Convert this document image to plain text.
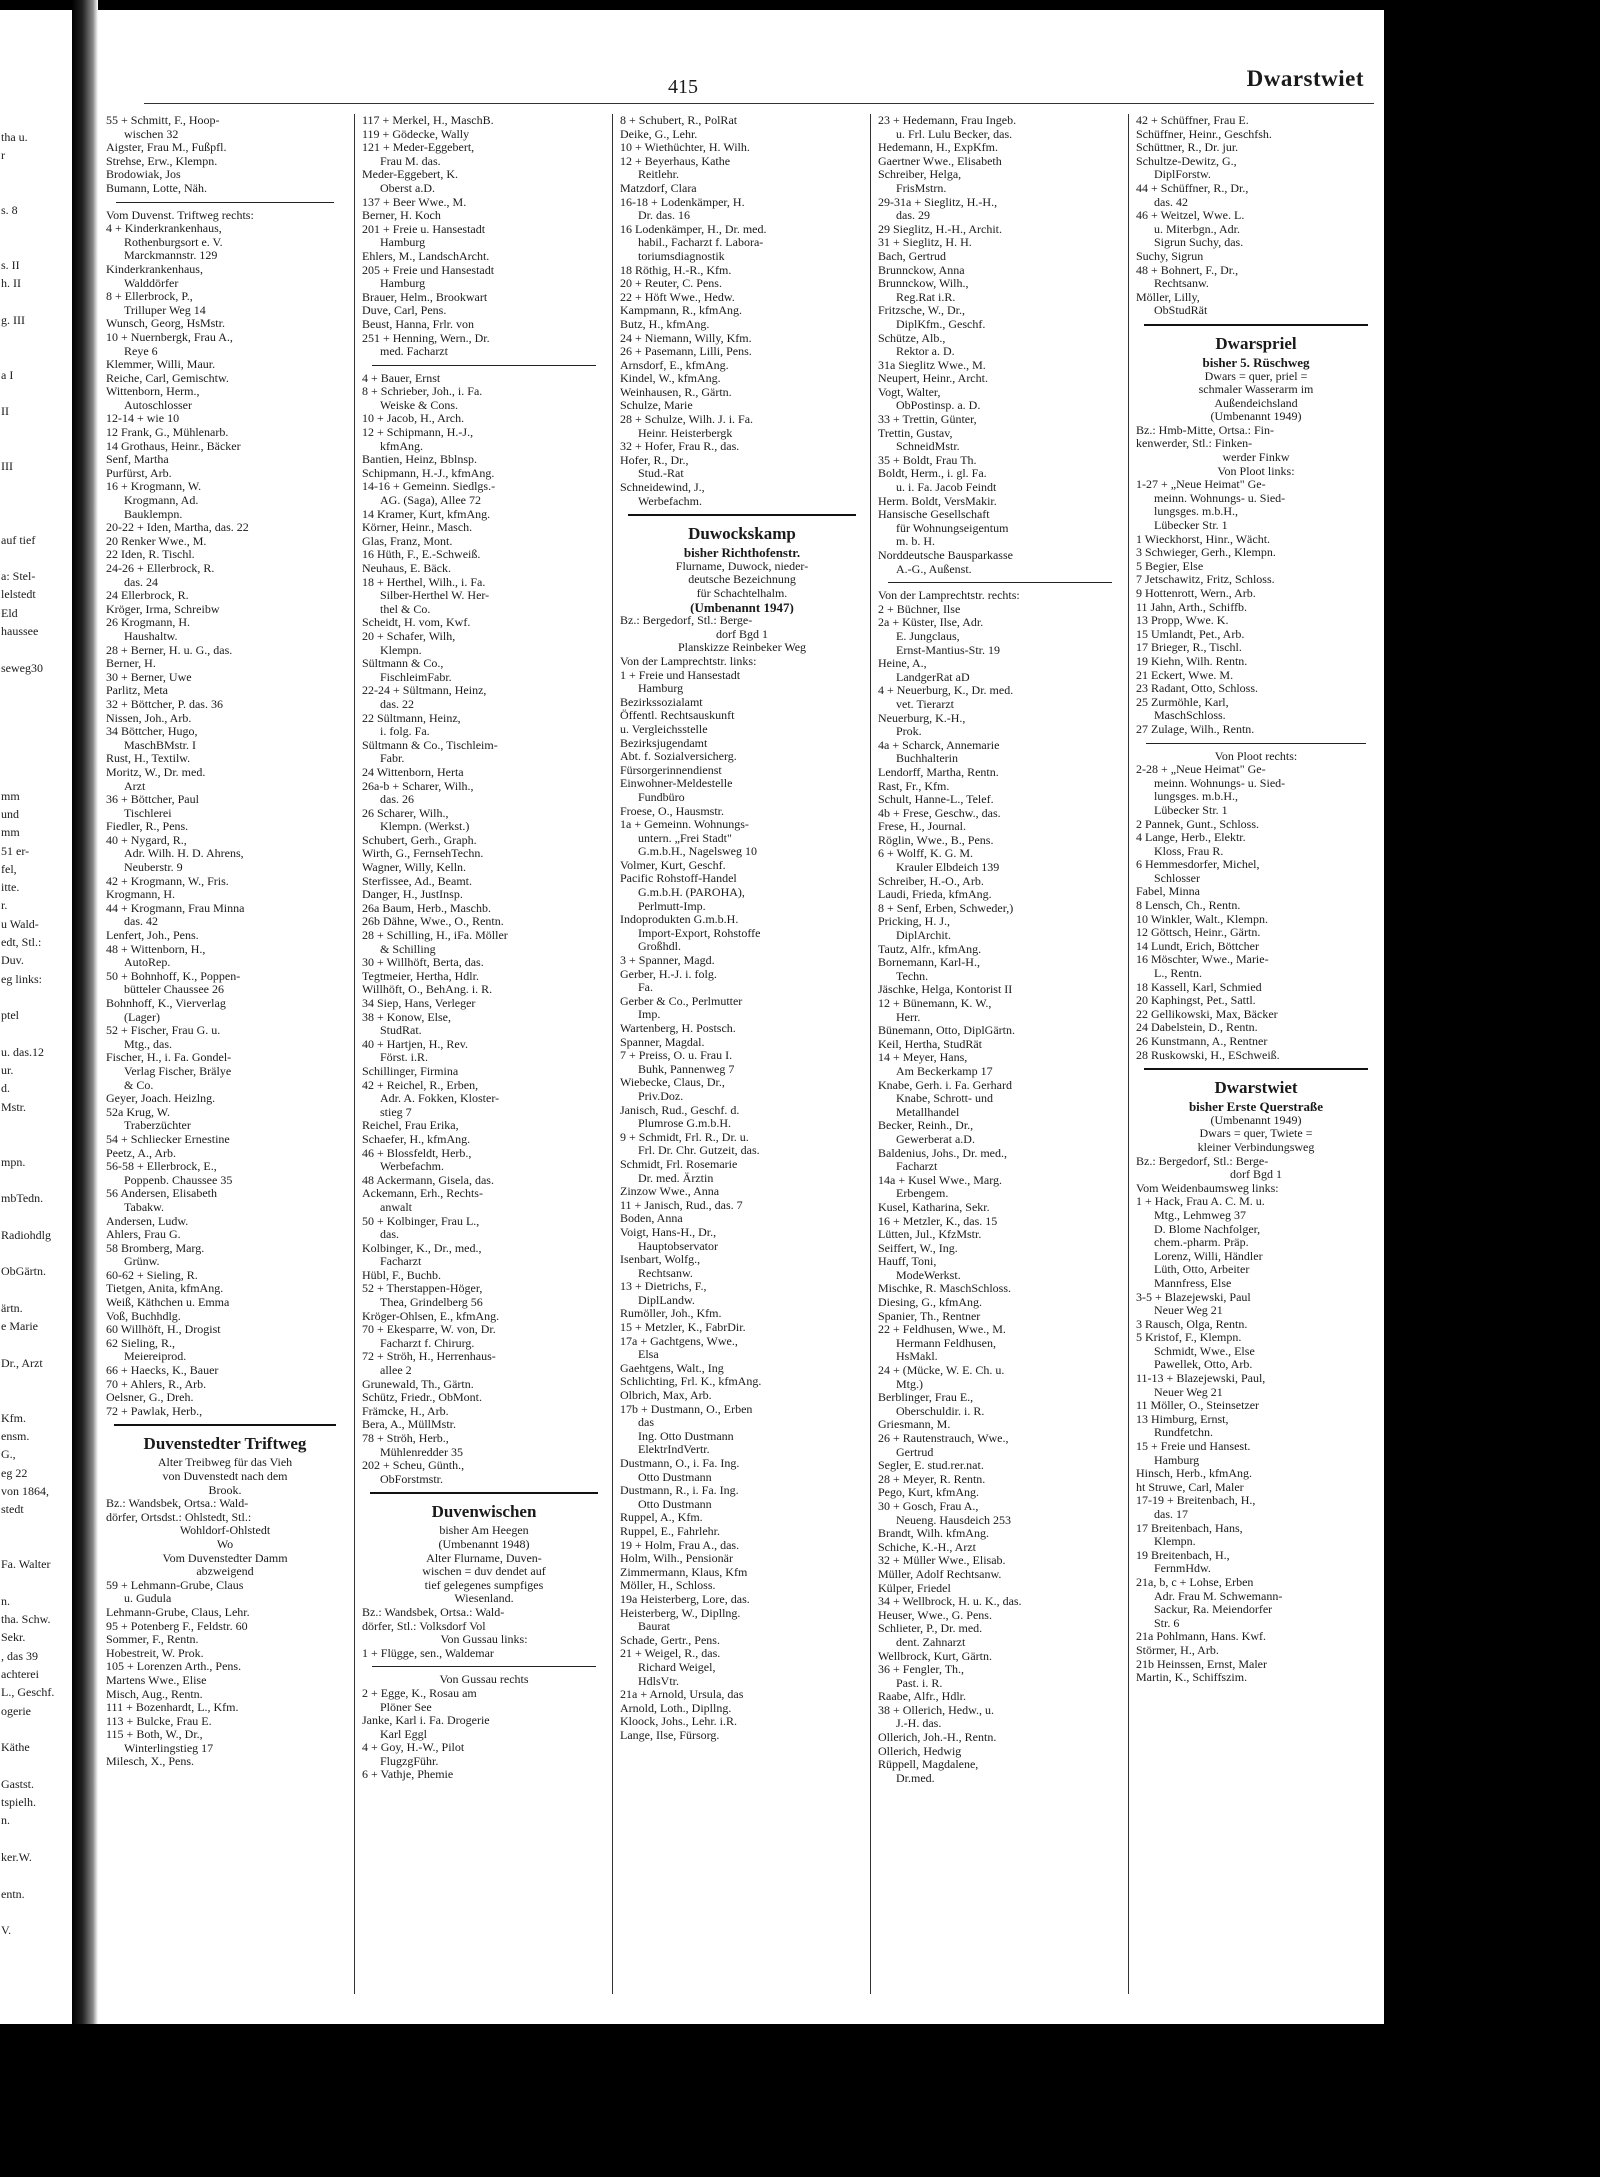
tha u.
r

s. 8

s. II
h. II

g. III

a I

II

III

auf tief

a: Stel-
lelstedt
Eld
haussee

seweg30

mm
und
mm
51 er-
fel,
itte.
r.
u Wald-
edt, Stl.:
Duv.
eg links:

ptel

u. das.12
ur.
d.
Mstr.

mpn.

mbTedn.

Radiohdlg

ObGärtn.

ärtn.
e Marie

Dr., Arzt

Kfm.
ensm.
G.,
eg 22
von 1864,
stedt

Fa. Walter

n.
tha. Schw.
Sekr.
, das 39
achterei
L., Geschf.
ogerie

Käthe

Gastst.
tspielh.
n.

ker.W.

entn.

V.
415	Dwarstwiet
55 + Schmitt, F., Hoop-
wischen 32
Aigster, Frau M., Fußpfl.
Strehse, Erw., Klempn.
Brodowiak, Jos
Bumann, Lotte, Näh.
Vom Duvenst. Triftweg rechts:
4 + Kinderkrankenhaus,
Rothenburgsort e. V.
Marckmannstr. 129
Kinderkrankenhaus,
Walddörfer
8 + Ellerbrock, P.,
Trilluper Weg 14
Wunsch, Georg, HsMstr.
10 + Nuernbergk, Frau A.,
Reye 6
Klemmer, Willi, Maur.
Reiche, Carl, Gemischtw.
Wittenborn, Herm.,
Autoschlosser
12-14 + wie 10
12 Frank, G., Mühlenarb.
14 Grothaus, Heinr., Bäcker
Senf, Martha
Purfürst, Arb.
16 + Krogmann, W.
Krogmann, Ad.
Bauklempn.
20-22 + Iden, Martha, das. 22
20 Renker Wwe., M.
22 Iden, R. Tischl.
24-26 + Ellerbrock, R.
das. 24
24 Ellerbrock, R.
Kröger, Irma, Schreibw
26 Krogmann, H.
Haushaltw.
28 + Berner, H. u. G., das.
Berner, H.
30 + Berner, Uwe
Parlitz, Meta
32 + Böttcher, P. das. 36
Nissen, Joh., Arb.
34 Böttcher, Hugo,
MaschBMstr. I
Rust, H., Textilw.
Moritz, W., Dr. med.
Arzt
36 + Böttcher, Paul
Tischlerei
Fiedler, R., Pens.
40 + Nygard, R.,
Adr. Wilh. H. D. Ahrens,
Neuberstr. 9
42 + Krogmann, W., Fris.
Krogmann, H.
44 + Krogmann, Frau Minna
das. 42
Lenfert, Joh., Pens.
48 + Wittenborn, H.,
AutoRep.
50 + Bohnhoff, K., Poppen-
bütteler Chaussee 26
Bohnhoff, K., Vierverlag
(Lager)
52 + Fischer, Frau G. u.
Mtg., das.
Fischer, H., i. Fa. Gondel-
Verlag Fischer, Brälye
& Co.
Geyer, Joach. Heizlng.
52a Krug, W.
Traberzüchter
54 + Schliecker Ernestine
Peetz, A., Arb.
56-58 + Ellerbrock, E.,
Poppenb. Chaussee 35
56 Andersen, Elisabeth
Tabakw.
Andersen, Ludw.
Ahlers, Frau G.
58 Bromberg, Marg.
Grünw.
60-62 + Sieling, R.
Tietgen, Anita, kfmAng.
Weiß, Käthchen u. Emma
Voß, Buchhdlg.
60 Willhöft, H., Drogist
62 Sieling, R.,
Meiereiprod.
66 + Haecks, K., Bauer
70 + Ahlers, R., Arb.
Oelsner, G., Dreh.
72 + Pawlak, Herb.,
Duvenstedter Triftweg
Alter Treibweg für das Vieh
von Duvenstedt nach dem
Brook.
Bz.: Wandsbek, Ortsa.: Wald-
dörfer, Ortsdst.: Ohlstedt, Stl.:
Wohldorf-Ohlstedt
Wo
Vom Duvenstedter Damm
abzweigend
59 + Lehmann-Grube, Claus
u. Gudula
Lehmann-Grube, Claus, Lehr.
95 + Potenberg F., Feldstr. 60
Sommer, F., Rentn.
Hobestreit, W. Prok.
105 + Lorenzen Arth., Pens.
Martens Wwe., Elise
Misch, Aug., Rentn.
111 + Bozenhardt, L., Kfm.
113 + Bulcke, Frau E.
115 + Both, W., Dr.,
Winterlingstieg 17
Milesch, X., Pens.
117 + Merkel, H., MaschB.
119 + Gödecke, Wally
121 + Meder-Eggebert,
Frau M. das.
Meder-Eggebert, K.
Oberst a.D.
137 + Beer Wwe., M.
Berner, H. Koch
201 + Freie u. Hansestadt
Hamburg
Ehlers, M., LandschArcht.
205 + Freie und Hansestadt
Hamburg
Brauer, Helm., Brookwart
Duve, Carl, Pens.
Beust, Hanna, Frlr. von
251 + Henning, Wern., Dr.
med. Facharzt
4 + Bauer, Ernst
8 + Schrieber, Joh., i. Fa.
Weiske & Cons.
10 + Jacob, H., Arch.
12 + Schipmann, H.-J.,
kfmAng.
Bantien, Heinz, Bblnsp.
Schipmann, H.-J., kfmAng.
14-16 + Gemeinn. Siedlgs.-
AG. (Saga), Allee 72
14 Kramer, Kurt, kfmAng.
Körner, Heinr., Masch.
Glas, Franz, Mont.
16 Hüth, F., E.-Schweiß.
Neuhaus, E. Bäck.
18 + Herthel, Wilh., i. Fa.
Silber-Herthel W. Her-
thel & Co.
Scheidt, H. vom, Kwf.
20 + Schafer, Wilh,
Klempn.
Sültmann & Co.,
FischleimFabr.
22-24 + Sültmann, Heinz,
das. 22
22 Sültmann, Heinz,
i. folg. Fa.
Sültmann & Co., Tischleim-
Fabr.
24 Wittenborn, Herta
26a-b + Scharer, Wilh.,
das. 26
26 Scharer, Wilh.,
Klempn. (Werkst.)
Schubert, Gerh., Graph.
Wirth, G., FernsehTechn.
Wagner, Willy, Kelln.
Sterfissee, Ad., Beamt.
Danger, H., JustInsp.
26a Baum, Herb., Maschb.
26b Dähne, Wwe., O., Rentn.
28 + Schilling, H., iFa. Möller
& Schilling
30 + Willhöft, Berta, das.
Tegtmeier, Hertha, Hdlr.
Willhöft, O., BehAng. i. R.
34 Siep, Hans, Verleger
38 + Konow, Else,
StudRat.
40 + Hartjen, H., Rev.
Först. i.R.
Schillinger, Firmina
42 + Reichel, R., Erben,
Adr. A. Fokken, Kloster-
stieg 7
Reichel, Frau Erika,
Schaefer, H., kfmAng.
46 + Blossfeldt, Herb.,
Werbefachm.
48 Ackermann, Gisela, das.
Ackemann, Erh., Rechts-
anwalt
50 + Kolbinger, Frau L.,
das.
Kolbinger, K., Dr., med.,
Facharzt
Hübl, F., Buchb.
52 + Therstappen-Höger,
Thea, Grindelberg 56
Kröger-Ohlsen, E., kfmAng.
70 + Ekesparre, W. von, Dr.
Facharzt f. Chirurg.
72 + Ströh, H., Herrenhaus-
allee 2
Grunewald, Th., Gärtn.
Schütz, Friedr., ObMont.
Främcke, H., Arb.
Bera, A., MüllMstr.
78 + Ströh, Herb.,
Mühlenredder 35
202 + Scheu, Günth.,
ObForstmstr.
Duvenwischen
bisher Am Heegen
(Umbenannt 1948)
Alter Flurname, Duven-
wischen = duv dendet auf
tief gelegenes sumpfiges
Wiesenland.
Bz.: Wandsbek, Ortsa.: Wald-
dörfer, Stl.: Volksdorf Vol
Von Gussau links:
1 + Flügge, sen., Waldemar
Von Gussau rechts
2 + Egge, K., Rosau am
Plöner See
Janke, Karl i. Fa. Drogerie
Karl Eggl
4 + Goy, H.-W., Pilot
FlugzgFühr.
6 + Vathje, Phemie
8 + Schubert, R., PolRat
Deike, G., Lehr.
10 + Wiethüchter, H. Wilh.
12 + Beyerhaus, Kathe
Reitlehr.
Matzdorf, Clara
16-18 + Lodenkämper, H.
Dr. das. 16
16 Lodenkämper, H., Dr. med.
habil., Facharzt f. Labora-
toriumsdiagnostik
18 Röthig, H.-R., Kfm.
20 + Reuter, C. Pens.
22 + Höft Wwe., Hedw.
Kampmann, R., kfmAng.
Butz, H., kfmAng.
24 + Niemann, Willy, Kfm.
26 + Pasemann, Lilli, Pens.
Arnsdorf, E., kfmAng.
Kindel, W., kfmAng.
Weinhausen, R., Gärtn.
Schulze, Marie
28 + Schulze, Wilh. J. i. Fa.
Heinr. Heisterbergk
32 + Hofer, Frau R., das.
Hofer, R., Dr.,
Stud.-Rat
Schneidewind, J.,
Werbefachm.
Duwockskamp
bisher Richthofenstr.
Flurname, Duwock, nieder-
deutsche Bezeichnung
für Schachtelhalm.
(Umbenannt 1947)
Bz.: Bergedorf, Stl.: Berge-
dorf Bgd 1
Planskizze Reinbeker Weg
Von der Lamprechtstr. links:
1 + Freie und Hansestadt
Hamburg
Bezirkssozialamt
Öffentl. Rechtsauskunft
u. Vergleichsstelle
Bezirksjugendamt
Abt. f. Sozialversicherg.
Fürsorgerinnendienst
Einwohner-Meldestelle
Fundbüro
Froese, O., Hausmstr.
1a + Gemeinn. Wohnungs-
untern. „Frei Stadt"
G.m.b.H., Nagelsweg 10
Volmer, Kurt, Geschf.
Pacific Rohstoff-Handel
G.m.b.H. (PAROHA),
Perlmutt-Imp.
Indoprodukten G.m.b.H.
Import-Export, Rohstoffe
Großhdl.
3 + Spanner, Magd.
Gerber, H.-J. i. folg.
Fa.
Gerber & Co., Perlmutter
Imp.
Wartenberg, H. Postsch.
Spanner, Magdal.
7 + Preiss, O. u. Frau I.
Buhk, Pannenweg 7
Wiebecke, Claus, Dr.,
Priv.Doz.
Janisch, Rud., Geschf. d.
Plumrose G.m.b.H.
9 + Schmidt, Frl. R., Dr. u.
Frl. Dr. Chr. Gutzeit, das.
Schmidt, Frl. Rosemarie
Dr. med. Ärztin
Zinzow Wwe., Anna
11 + Janisch, Rud., das. 7
Boden, Anna
Voigt, Hans-H., Dr.,
Hauptobservator
Isenbart, Wolfg.,
Rechtsanw.
13 + Dietrichs, F.,
DiplLandw.
Rumöller, Joh., Kfm.
15 + Metzler, K., FabrDir.
17a + Gachtgens, Wwe.,
Elsa
Gaehtgens, Walt., Ing
Schlichting, Frl. K., kfmAng.
Olbrich, Max, Arb.
17b + Dustmann, O., Erben
das
Ing. Otto Dustmann
ElektrIndVertr.
Dustmann, O., i. Fa. Ing.
Otto Dustmann
Dustmann, R., i. Fa. Ing.
Otto Dustmann
Ruppel, A., Kfm.
Ruppel, E., Fahrlehr.
19 + Holm, Frau A., das.
Holm, Wilh., Pensionär
Zimmermann, Klaus, Kfm
Möller, H., Schloss.
19a Heisterberg, Lore, das.
Heisterberg, W., Dipllng.
Baurat
Schade, Gertr., Pens.
21 + Weigel, R., das.
Richard Weigel,
HdlsVtr.
21a + Arnold, Ursula, das
Arnold, Loth., Dipllng.
Kloock, Johs., Lehr. i.R.
Lange, Ilse, Fürsorg.
23 + Hedemann, Frau Ingeb.
u. Frl. Lulu Becker, das.
Hedemann, H., ExpKfm.
Gaertner Wwe., Elisabeth
Schreiber, Helga,
FrisMstrn.
29-31a + Sieglitz, H.-H.,
das. 29
29 Sieglitz, H.-H., Archit.
31 + Sieglitz, H. H.
Bach, Gertrud
Brunnckow, Anna
Brunnckow, Wilh.,
Reg.Rat i.R.
Fritzsche, W., Dr.,
DiplKfm., Geschf.
Schütze, Alb.,
Rektor a. D.
31a Sieglitz Wwe., M.
Neupert, Heinr., Archt.
Vogt, Walter,
ObPostinsp. a. D.
33 + Trettin, Günter,
Trettin, Gustav,
SchneidMstr.
35 + Boldt, Frau Th.
Boldt, Herm., i. gl. Fa.
u. i. Fa. Jacob Feindt
Herm. Boldt, VersMakir.
Hansische Gesellschaft
für Wohnungseigentum
m. b. H.
Norddeutsche Bausparkasse
A.-G., Außenst.
Von der Lamprechtstr. rechts:
2 + Büchner, Ilse
2a + Küster, Ilse, Adr.
E. Jungclaus,
Ernst-Mantius-Str. 19
Heine, A.,
LandgerRat aD
4 + Neuerburg, K., Dr. med.
vet. Tierarzt
Neuerburg, K.-H.,
Prok.
4a + Scharck, Annemarie
Buchhalterin
Lendorff, Martha, Rentn.
Rast, Fr., Kfm.
Schult, Hanne-L., Telef.
4b + Frese, Geschw., das.
Frese, H., Journal.
Röglin, Wwe., B., Pens.
6 + Wolff, K. G. M.
Krauler Elbdeich 139
Schreiber, H.-O., Arb.
Laudi, Frieda, kfmAng.
8 + Senf, Erben, Schweder,)
Pricking, H. J.,
DiplArchit.
Tautz, Alfr., kfmAng.
Bornemann, Karl-H.,
Techn.
Jäschke, Helga, Kontorist II
12 + Bünemann, K. W.,
Herr.
Bünemann, Otto, DiplGärtn.
Keil, Hertha, StudRät
14 + Meyer, Hans,
Am Beckerkamp 17
Knabe, Gerh. i. Fa. Gerhard
Knabe, Schrott- und
Metallhandel
Becker, Reinh., Dr.,
Gewerberat a.D.
Baldenius, Johs., Dr. med.,
Facharzt
14a + Kusel Wwe., Marg.
Erbengem.
Kusel, Katharina, Sekr.
16 + Metzler, K., das. 15
Lütten, Jul., KfzMstr.
Seiffert, W., Ing.
Hauff, Toni,
ModeWerkst.
Mischke, R. MaschSchloss.
Diesing, G., kfmAng.
Spanier, Th., Rentner
22 + Feldhusen, Wwe., M.
Hermann Feldhusen,
HsMakl.
24 + (Mücke, W. E. Ch. u.
Mtg.)
Berblinger, Frau E.,
Oberschuldir. i. R.
Griesmann, M.
26 + Rautenstrauch, Wwe.,
Gertrud
Segler, E. stud.rer.nat.
28 + Meyer, R. Rentn.
Pego, Kurt, kfmAng.
30 + Gosch, Frau A.,
Neueng. Hausdeich 253
Brandt, Wilh. kfmAng.
Schiche, K.-H., Arzt
32 + Müller Wwe., Elisab.
Müller, Adolf Rechtsanw.
Külper, Friedel
34 + Wellbrock, H. u. K., das.
Heuser, Wwe., G. Pens.
Schlieter, P., Dr. med.
dent. Zahnarzt
Wellbrock, Kurt, Gärtn.
36 + Fengler, Th.,
Past. i. R.
Raabe, Alfr., Hdlr.
38 + Ollerich, Hedw., u.
J.-H. das.
Ollerich, Joh.-H., Rentn.
Ollerich, Hedwig
Rüppell, Magdalene,
Dr.med.
42 + Schüffner, Frau E.
Schüffner, Heinr., Geschfsh.
Schüttner, R., Dr. jur.
Schultze-Dewitz, G.,
DiplForstw.
44 + Schüffner, R., Dr.,
das. 42
46 + Weitzel, Wwe. L.
u. Miterbgn., Adr.
Sigrun Suchy, das.
Suchy, Sigrun
48 + Bohnert, F., Dr.,
Rechtsanw.
Möller, Lilly,
ObStudRät
Dwarspriel
bisher 5. Rüschweg
Dwars = quer, priel =
schmaler Wasserarm im
Außendeichsland
(Umbenannt 1949)
Bz.: Hmb-Mitte, Ortsa.: Fin-
kenwerder, Stl.: Finken-
werder Finkw
Von Ploot links:
1-27 + „Neue Heimat" Ge-
meinn. Wohnungs- u. Sied-
lungsges. m.b.H.,
Lübecker Str. 1
1 Wieckhorst, Hinr., Wächt.
3 Schwieger, Gerh., Klempn.
5 Begier, Else
7 Jetschawitz, Fritz, Schloss.
9 Hottenrott, Wern., Arb.
11 Jahn, Arth., Schiffb.
13 Propp, Wwe. K.
15 Umlandt, Pet., Arb.
17 Brieger, R., Tischl.
19 Kiehn, Wilh. Rentn.
21 Eckert, Wwe. M.
23 Radant, Otto, Schloss.
25 Zurmöhle, Karl,
MaschSchloss.
27 Zulage, Wilh., Rentn.
Von Ploot rechts:
2-28 + „Neue Heimat" Ge-
meinn. Wohnungs- u. Sied-
lungsges. m.b.H.,
Lübecker Str. 1
2 Pannek, Gunt., Schloss.
4 Lange, Herb., Elektr.
Kloss, Frau R.
6 Hemmesdorfer, Michel,
Schlosser
Fabel, Minna
8 Lensch, Ch., Rentn.
10 Winkler, Walt., Klempn.
12 Göttsch, Heinr., Gärtn.
14 Lundt, Erich, Böttcher
16 Möschter, Wwe., Marie-
L., Rentn.
18 Kassell, Karl, Schmied
20 Kaphingst, Pet., Sattl.
22 Gellikowski, Max, Bäcker
24 Dabelstein, D., Rentn.
26 Kunstmann, A., Rentner
28 Ruskowski, H., ESchweiß.
Dwarstwiet
bisher Erste Querstraße
(Umbenannt 1949)
Dwars = quer, Twiete =
kleiner Verbindungsweg
Bz.: Bergedorf, Stl.: Berge-
dorf Bgd 1
Vom Weidenbaumsweg links:
1 + Hack, Frau A. C. M. u.
Mtg., Lehmweg 37
D. Blome Nachfolger,
chem.-pharm. Präp.
Lorenz, Willi, Händler
Lüth, Otto, Arbeiter
Mannfress, Else
3-5 + Blazejewski, Paul
Neuer Weg 21
3 Rausch, Olga, Rentn.
5 Kristof, F., Klempn.
Schmidt, Wwe., Else
Pawellek, Otto, Arb.
11-13 + Blazejewski, Paul,
Neuer Weg 21
11 Möller, O., Steinsetzer
13 Himburg, Ernst,
Rundfetchn.
15 + Freie und Hansest.
Hamburg
Hinsch, Herb., kfmAng.
ht Struwe, Carl, Maler
17-19 + Breitenbach, H.,
das. 17
17 Breitenbach, Hans,
Klempn.
19 Breitenbach, H.,
FernmHdw.
21a, b, c + Lohse, Erben
Adr. Frau M. Schwemann-
Sackur, Ra. Meiendorfer
Str. 6
21a Pohlmann, Hans. Kwf.
Störmer, H., Arb.
21b Heinssen, Ernst, Maler
Martin, K., Schiffszim.
